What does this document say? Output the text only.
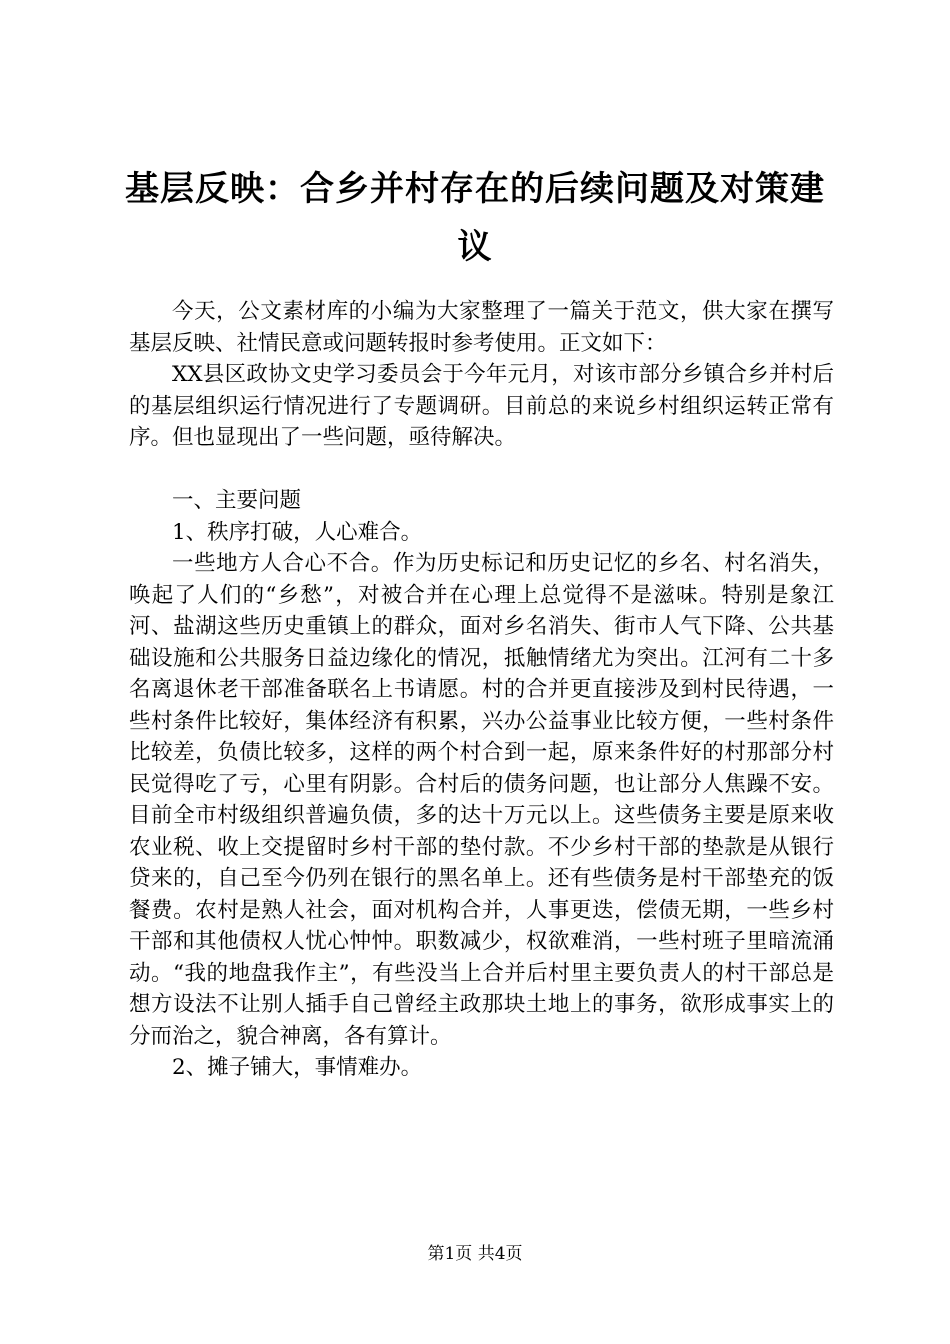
基层反映：合乡并村存在的后续问题及对策建议

今天，公文素材库的小编为大家整理了一篇关于范文，供大家在撰写基层反映、社情民意或问题转报时参考使用。正文如下：

XX县区政协文史学习委员会于今年元月，对该市部分乡镇合乡并村后的基层组织运行情况进行了专题调研。目前总的来说乡村组织运转正常有序。但也显现出了一些问题，亟待解决。

一、主要问题

1、秩序打破，人心难合。

一些地方人合心不合。作为历史标记和历史记忆的乡名、村名消失，唤起了人们的“乡愁”，对被合并在心理上总觉得不是滋味。特别是象江河、盐湖这些历史重镇上的群众，面对乡名消失、街市人气下降、公共基础设施和公共服务日益边缘化的情况，抵触情绪尤为突出。江河有二十多名离退休老干部准备联名上书请愿。村的合并更直接涉及到村民待遇，一些村条件比较好，集体经济有积累，兴办公益事业比较方便，一些村条件比较差，负债比较多，这样的两个村合到一起，原来条件好的村那部分村民觉得吃了亏，心里有阴影。合村后的债务问题，也让部分人焦躁不安。目前全市村级组织普遍负债，多的达十万元以上。这些债务主要是原来收农业税、收上交提留时乡村干部的垫付款。不少乡村干部的垫款是从银行贷来的，自己至今仍列在银行的黑名单上。还有些债务是村干部垫充的饭餐费。农村是熟人社会，面对机构合并，人事更迭，偿债无期，一些乡村干部和其他债权人忧心忡忡。职数减少，权欲难消，一些村班子里暗流涌动。“我的地盘我作主”，有些没当上合并后村里主要负责人的村干部总是想方设法不让别人插手自己曾经主政那块土地上的事务，欲形成事实上的分而治之，貌合神离，各有算计。

2、摊子铺大，事情难办。

第1页 共4页
